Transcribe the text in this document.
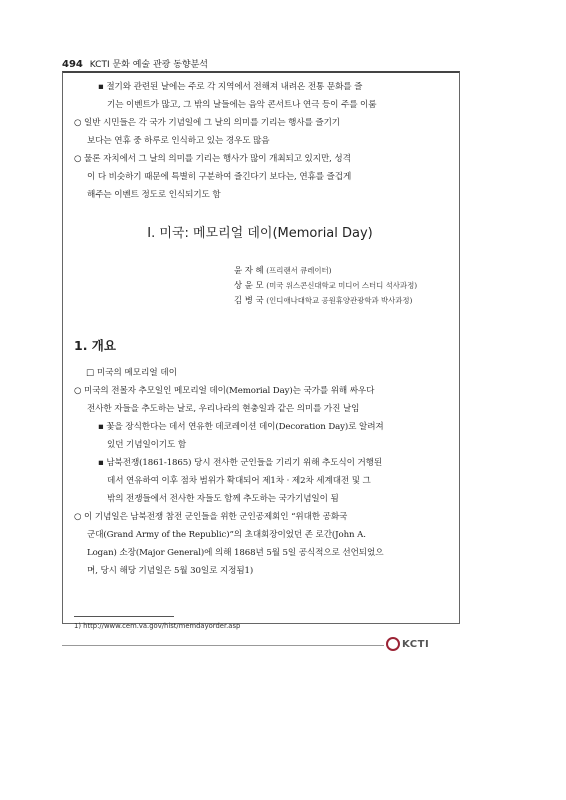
494 KCTI 문화 예술 관광 동향분석
▪ 절기와 관련된 날에는 주로 각 지역에서 전해져 내려온 전통 문화를 즐
기는 이벤트가 많고, 그 밖의 날들에는 음악 콘서트나 연극 등이 주를 이룸
○ 일반 시민들은 각 국가 기념일에 그 날의 의미를 기리는 행사를 즐기기
보다는 연휴 중 하루로 인식하고 있는 경우도 많음
○ 물론 자치에서 그 날의 의미를 기리는 행사가 많이 개최되고 있지만, 성격
이 다 비슷하기 때문에 특별히 구분하여 즐긴다기 보다는, 연휴를 즐겁게
해주는 이벤트 정도로 인식되기도 함
Ⅰ. 미국: 메모리얼 데이(Memorial Day)
윤 자 혜 (프리랜서 큐레이터)
상 윤 모 (미국 위스콘신대학교 미디어 스터디 석사과정)
김 병 국 (인디애나대학교 공원휴양관광학과 박사과정)
1. 개요
□ 미국의 메모리얼 데이
○ 미국의 전몰자 추모일인 메모리얼 데이(Memorial Day)는 국가를 위해 싸우다
전사한 자들을 추도하는 날로, 우리나라의 현충일과 같은 의미를 가진 날임
▪ 꽃을 장식한다는 데서 연유한 데코레이션 데이(Decoration Day)로 알려져
있던 기념일이기도 함
▪ 남북전쟁(1861-1865) 당시 전사한 군인들을 기리기 위해 추도식이 거행된
데서 연유하여 이후 점차 범위가 확대되어 제1차 · 제2차 세계대전 및 그
밖의 전쟁들에서 전사한 자들도 함께 추도하는 국가기념일이 됨
○ 이 기념일은 남북전쟁 참전 군인들을 위한 군인공제회인 “위대한 공화국
군대(Grand Army of the Republic)”의 초대회장이었던 존 로간(John A.
Logan) 소장(Major General)에 의해 1868년 5월 5일 공식적으로 선언되었으
며, 당시 해당 기념일은 5월 30일로 지정됨1)
1) http://www.cem.va.gov/hist/memdayorder.asp
KCTI
